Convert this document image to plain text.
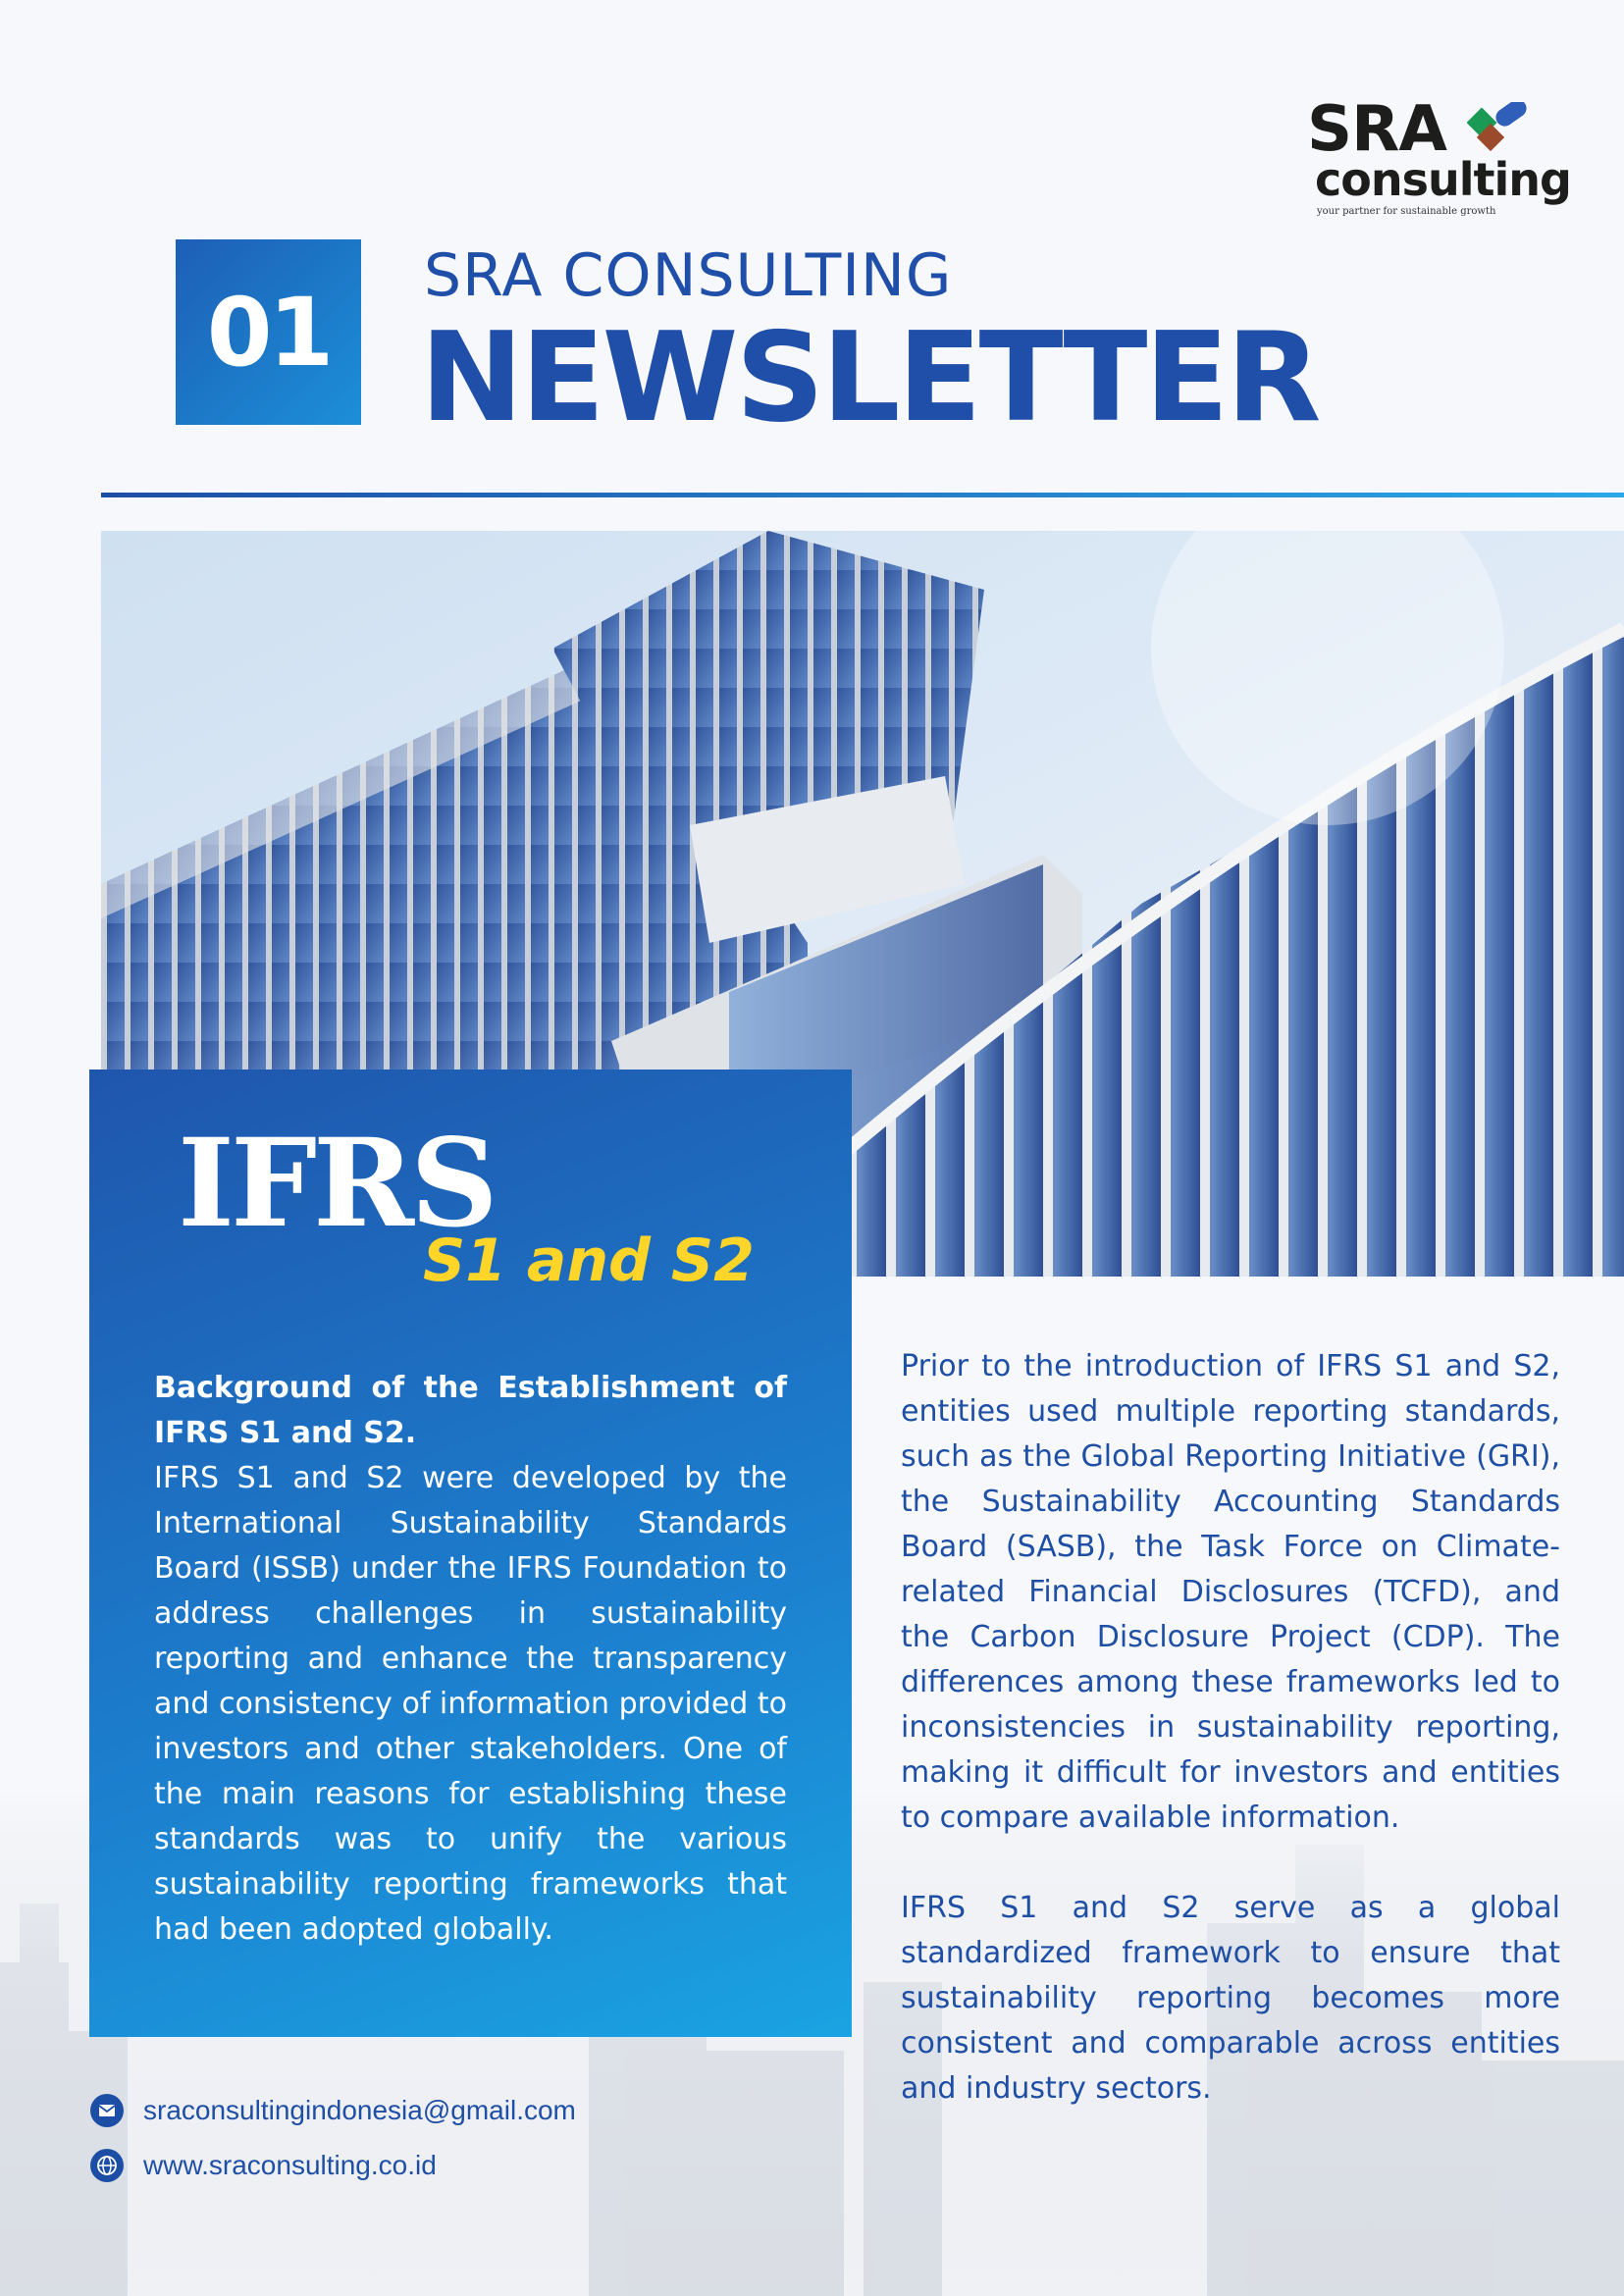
SRA
consulting
your partner for sustainable growth
01
SRA CONSULTING
NEWSLETTER
IFRS
S1 and S2
Background of the Establishment of IFRS S1 and S2.
IFRS S1 and S2 were developed by the International Sustainability Standards Board (ISSB) under the IFRS Foundation to address challenges in sustainability reporting and enhance the transparency and consistency of information provided to investors and other stakeholders. One of the main reasons for establishing these standards was to unify the various sustainability reporting frameworks that had been adopted globally.

Prior to the introduction of IFRS S1 and S2, entities used multiple reporting standards, such as the Global Reporting Initiative (GRI), the Sustainability Accounting Standards Board (SASB), the Task Force on Climate-related Financial Disclosures (TCFD), and the Carbon Disclosure Project (CDP). The differences among these frameworks led to inconsistencies in sustainability reporting, making it difficult for investors and entities to compare available information.

IFRS S1 and S2 serve as a global standardized framework to ensure that sustainability reporting becomes more consistent and comparable across entities and industry sectors.

sraconsultingindonesia@gmail.com
www.sraconsulting.co.id
